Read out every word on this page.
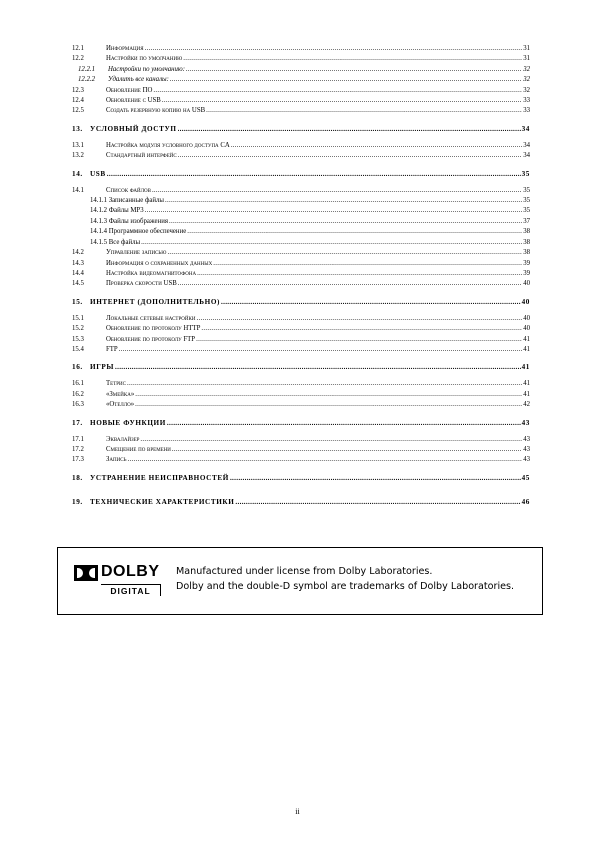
12.1	Информация .....	31
12.2	Настройки по умолчанию .....	31
12.2.1	Настройки по умолчанию: .....	32
12.2.2	Удалить все каналы: .....	32
12.3	Обновление ПО .....	32
12.4	Обновление с USB .....	33
12.5	Создать резервную копию на USB .....	33
13.	УСЛОВНЫЙ ДОСТУП .....	34
13.1	Настройка модуля условного доступа CA .....	34
13.2	Стандартный интерфейс .....	34
14.	USB .....	35
14.1	Список файлов .....	35
14.1.1 Записанные файлы .....	35
14.1.2 Файлы MP3 .....	35
14.1.3 Файлы изображения .....	37
14.1.4 Программное обеспечение .....	38
14.1.5 Все файлы .....	38
14.2	Управление записью .....	38
14.3	Информация о сохраненных данных .....	39
14.4	Настройка видеомагнитофона .....	39
14.5	Проверка скорости USB .....	40
15.	ИНТЕРНЕТ (ДОПОЛНИТЕЛЬНО) .....	40
15.1	Локальные сетевые настройки .....	40
15.2	Обновление по протоколу HTTP .....	40
15.3	Обновление по протоколу FTP .....	41
15.4	FTP .....	41
16.	ИГРЫ .....	41
16.1	Тетрис .....	41
16.2	«Змейка» .....	41
16.3	«Отелло» .....	42
17.	НОВЫЕ ФУНКЦИИ .....	43
17.1	Эквалайзер .....	43
17.2	Смещение по времени .....	43
17.3	Запись .....	43
18.	УСТРАНЕНИЕ НЕИСПРАВНОСТЕЙ .....	45
19.	ТЕХНИЧЕСКИЕ ХАРАКТЕРИСТИКИ .....	46
DOLBY
DIGITAL
Manufactured under license from Dolby Laboratories.
Dolby and the double-D symbol are trademarks of Dolby Laboratories.
ii
